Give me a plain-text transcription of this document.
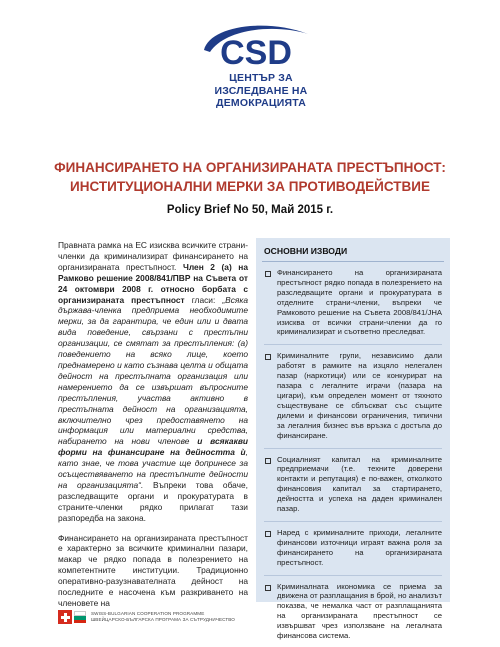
CSD
ЦЕНТЪР ЗА
ИЗСЛЕДВАНЕ НА
ДЕМОКРАЦИЯТА
ФИНАНСИРАНЕТО НА ОРГАНИЗИРАНАТА ПРЕСТЪПНОСТ:
ИНСТИТУЦИОНАЛНИ МЕРКИ ЗА ПРОТИВОДЕЙСТВИЕ
Policy Brief No 50, Май 2015 г.

Правната рамка на ЕС изисква всичките страни-членки да криминализират финансирането на организираната престъпност. Член 2 (а) на Рамково решение 2008/841/ПВР на Съвета от 24 октомври 2008 г. относно борбата с организираната престъпност гласи: „Всяка държава-членка предприема необходимите мерки, за да гарантира, че един или и двата вида поведение, свързани с престъпни организации, се смятат за престъпления: (а) поведението на всяко лице, което преднамерено и като съзнава целта и общата дейност на престъпната организация или намерението да се извършат въпросните престъпления, участва активно в престъпната дейност на организацията, включително чрез предоставянето на информация или материални средства, набирането на нови членове и всякакви форми на финансиране на дейността ѝ, като знае, че това участие ще допринесе за осъществяването на престъпните дейности на организацията“. Въпреки това обаче, разследващите органи и прокуратурата в страните-членки рядко прилагат тази разпоредба на закона.

Финансирането на организираната престъпност е характерно за всичките криминални пазари, макар че рядко попада в полезрението на компетентните институции. Традиционно оперативно-разузнавателната дейност на последните е насочена към разкриването на членовете на

ОСНОВНИ ИЗВОДИ
Финансирането на организираната престъпност рядко попада в полезрението на разследващите органи и прокуратурата в отделните страни-членки, въпреки че Рамковото решение на Съвета 2008/841/JHA изисква от всички страни-членки да го криминализират и съответно преследват.
Криминалните групи, независимо дали работят в рамките на изцяло нелегален пазар (наркотици) или се конкурират на пазара с легалните играчи (пазара на цигари), към определен момент от тяхното съществуване се сблъскват със същите дилеми и финансови ограничения, типични за легалния бизнес във връзка с достъпа до финансиране.
Социалният капитал на криминалните предприемачи (т.е. техните доверени контакти и репутация) е по-важен, отколкото финансовия капитал за стартирането, дейността и успеха на даден криминален пазар.
Наред с криминалните приходи, легалните финансови източници играят важна роля за финансирането на организираната престъпност.
Криминалната икономика се приема за движена от разплащания в брой, но анализът показва, че немалка част от разплащанията на организираната престъпност се извършват чрез използване на легалната финансова система.
SWISS-BULGARIAN COOPERATION PROGRAMME
ШВЕЙЦАРСКО-БЪЛГАРСКА ПРОГРАМА ЗА СЪТРУДНИЧЕСТВО
